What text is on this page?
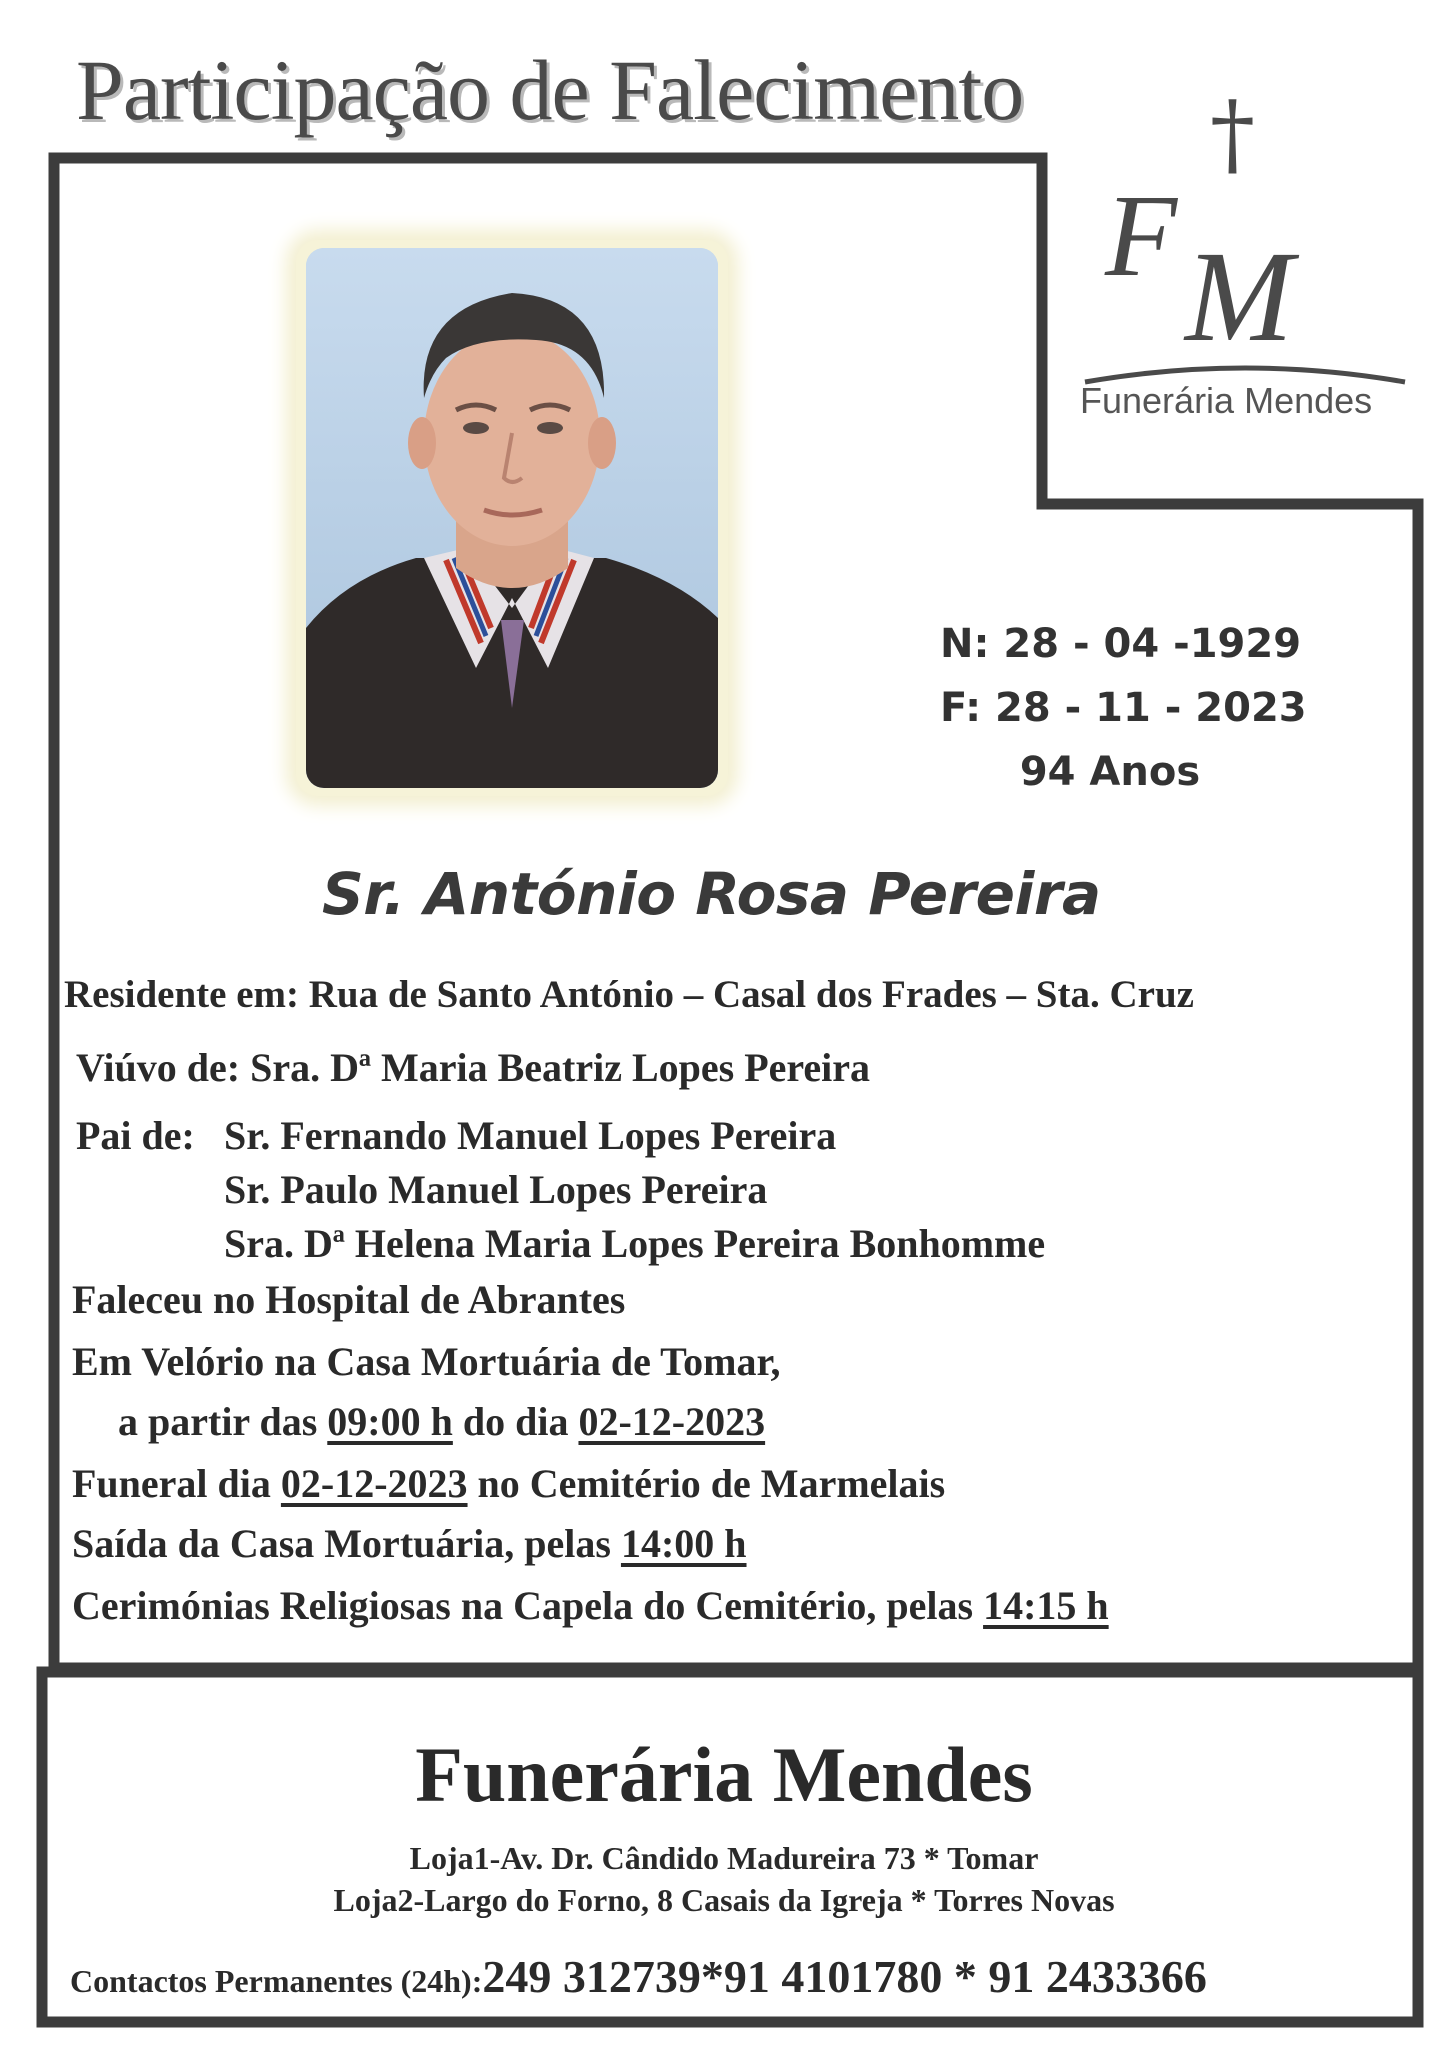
Participação de Falecimento †
F M
Funerária Mendes
N: 28 - 04 -1929
F: 28 - 11 - 2023
94 Anos
Sr. António Rosa Pereira
Residente em: Rua de Santo António – Casal dos Frades – Sta. Cruz
Viúvo de: Sra. Dª Maria Beatriz Lopes Pereira
Pai de: Sr. Fernando Manuel Lopes Pereira
Sr. Paulo Manuel Lopes Pereira
Sra. Dª Helena Maria Lopes Pereira Bonhomme
Faleceu no Hospital de Abrantes
Em Velório na Casa Mortuária de Tomar,
a partir das 09:00 h do dia 02-12-2023
Funeral dia 02-12-2023 no Cemitério de Marmelais
Saída da Casa Mortuária, pelas 14:00 h
Cerimónias Religiosas na Capela do Cemitério, pelas 14:15 h
Funerária Mendes
Loja1-Av. Dr. Cândido Madureira 73 * Tomar
Loja2-Largo do Forno, 8 Casais da Igreja * Torres Novas
Contactos Permanentes (24h):249 312739*91 4101780 * 91 2433366
